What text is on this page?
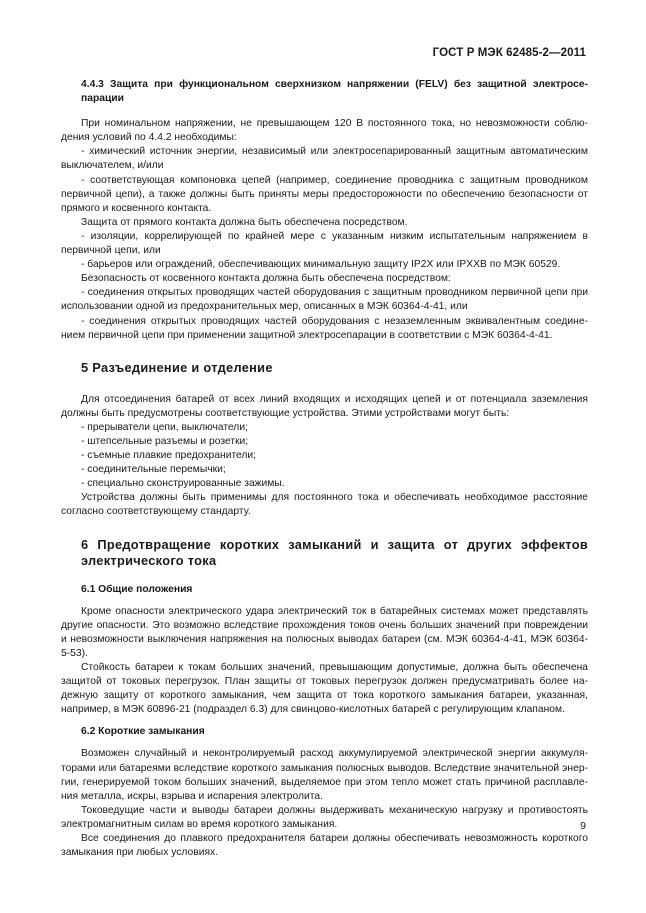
ГОСТ Р МЭК 62485-2—2011

4.4.3 Защита при функциональном сверхнизком напряжении (FELV) без защитной электросепарации

При номинальном напряжении, не превышающем 120 В постоянного тока, но невозможности соблюдения условий по 4.4.2 необходимы:

- химический источник энергии, независимый или электросепарированный защитным автоматическим выключателем, и/или

- соответствующая компоновка цепей (например, соединение проводника с защитным проводником первичной цепи), а также должны быть приняты меры предосторожности по обеспечению безопасности от прямого и косвенного контакта.

Защита от прямого контакта должна быть обеспечена посредством.

- изоляции, коррелирующей по крайней мере с указанным низким испытательным напряжением в первичной цепи, или

- барьеров или ограждений, обеспечивающих минимальную защиту IP2X или IPXXB по МЭК 60529.

Безопасность от косвенного контакта должна быть обеспечена посредством:

- соединения открытых проводящих частей оборудования с защитным проводником первичной цепи при использовании одной из предохранительных мер, описанных в МЭК 60364-4-41, или

- соединения открытых проводящих частей оборудования с незаземленным эквивалентным соединением первичной цепи при применении защитной электросепарации в соответствии с МЭК 60364-4-41.

5 Разъединение и отделение

Для отсоединения батарей от всех линий входящих и исходящих цепей и от потенциала заземления должны быть предусмотрены соответствующие устройства. Этими устройствами могут быть:

- прерыватели цепи, выключатели;

- штепсельные разъемы и розетки;

- съемные плавкие предохранители;

- соединительные перемычки;

- специально сконструированные зажимы.

Устройства должны быть применимы для постоянного тока и обеспечивать необходимое расстояние согласно соответствующему стандарту.

6 Предотвращение коротких замыканий и защита от других эффектов электрического тока

6.1 Общие положения

Кроме опасности электрического удара электрический ток в батарейных системах может представлять другие опасности. Это возможно вследствие прохождения токов очень больших значений при повреждении и невозможности выключения напряжения на полюсных выводах батареи (см. МЭК 60364-4-41, МЭК 60364-5-53).

Стойкость батареи к токам больших значений, превышающим допустимые, должна быть обеспечена защитой от токовых перегрузок. План защиты от токовых перегрузок должен предусматривать более надежную защиту от короткого замыкания, чем защита от тока короткого замыкания батареи, указанная, например, в МЭК 60896-21 (подраздел 6.3) для свинцово-кислотных батарей с регулирующим клапаном.

6.2 Короткие замыкания

Возможен случайный и неконтролируемый расход аккумулируемой электрической энергии аккумуляторами или батареями вследствие короткого замыкания полюсных выводов. Вследствие значительной энергии, генерируемой током больших значений, выделяемое при этом тепло может стать причиной расплавления металла, искры, взрыва и испарения электролита.

Токоведущие части и выводы батареи должны выдерживать механическую нагрузку и противостоять электромагнитным силам во время короткого замыкания.

Все соединения до плавкого предохранителя батареи должны обеспечивать невозможность короткого замыкания при любых условиях.

9
